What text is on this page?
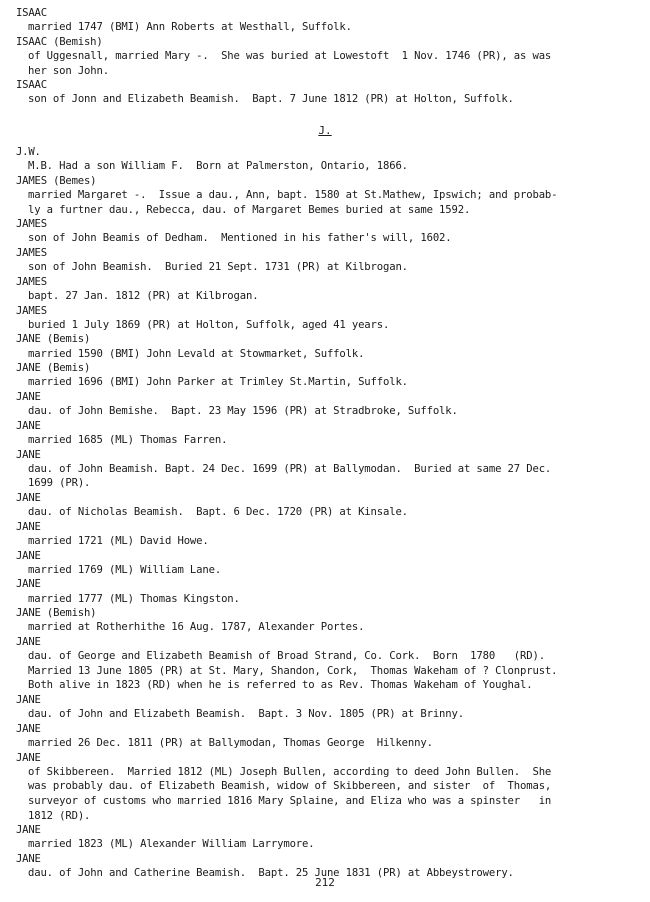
ISAAC
married 1747 (BMI) Ann Roberts at Westhall, Suffolk.
ISAAC (Bemish)
of Uggesnall, married Mary -.  She was buried at Lowestoft  1 Nov. 1746 (PR), as was
her son John.
ISAAC
son of Jonn and Elizabeth Beamish.  Bapt. 7 June 1812 (PR) at Holton, Suffolk.
J.
J.W.
M.B. Had a son William F.  Born at Palmerston, Ontario, 1866.
JAMES (Bemes)
married Margaret -.  Issue a dau., Ann, bapt. 1580 at St.Mathew, Ipswich; and probab-
ly a furtner dau., Rebecca, dau. of Margaret Bemes buried at same 1592.
JAMES
son of John Beamis of Dedham.  Mentioned in his father's will, 1602.
JAMES
son of John Beamish.  Buried 21 Sept. 1731 (PR) at Kilbrogan.
JAMES
bapt. 27 Jan. 1812 (PR) at Kilbrogan.
JAMES
buried 1 July 1869 (PR) at Holton, Suffolk, aged 41 years.
JANE (Bemis)
married 1590 (BMI) John Levald at Stowmarket, Suffolk.
JANE (Bemis)
married 1696 (BMI) John Parker at Trimley St.Martin, Suffolk.
JANE
dau. of John Bemishe.  Bapt. 23 May 1596 (PR) at Stradbroke, Suffolk.
JANE
married 1685 (ML) Thomas Farren.
JANE
dau. of John Beamish. Bapt. 24 Dec. 1699 (PR) at Ballymodan.  Buried at same 27 Dec.
1699 (PR).
JANE
dau. of Nicholas Beamish.  Bapt. 6 Dec. 1720 (PR) at Kinsale.
JANE
married 1721 (ML) David Howe.
JANE
married 1769 (ML) William Lane.
JANE
married 1777 (ML) Thomas Kingston.
JANE (Bemish)
married at Rotherhithe 16 Aug. 1787, Alexander Portes.
JANE
dau. of George and Elizabeth Beamish of Broad Strand, Co. Cork.  Born  1780   (RD).
Married 13 June 1805 (PR) at St. Mary, Shandon, Cork,  Thomas Wakeham of ? Clonprust.
Both alive in 1823 (RD) when he is referred to as Rev. Thomas Wakeham of Youghal.
JANE
dau. of John and Elizabeth Beamish.  Bapt. 3 Nov. 1805 (PR) at Brinny.
JANE
married 26 Dec. 1811 (PR) at Ballymodan, Thomas George  Hilkenny.
JANE
of Skibbereen.  Married 1812 (ML) Joseph Bullen, according to deed John Bullen.  She
was probably dau. of Elizabeth Beamish, widow of Skibbereen, and sister  of  Thomas,
surveyor of customs who married 1816 Mary Splaine, and Eliza who was a spinster   in
1812 (RD).
JANE
married 1823 (ML) Alexander William Larrymore.
JANE
dau. of John and Catherine Beamish.  Bapt. 25 June 1831 (PR) at Abbeystrowery.
212
